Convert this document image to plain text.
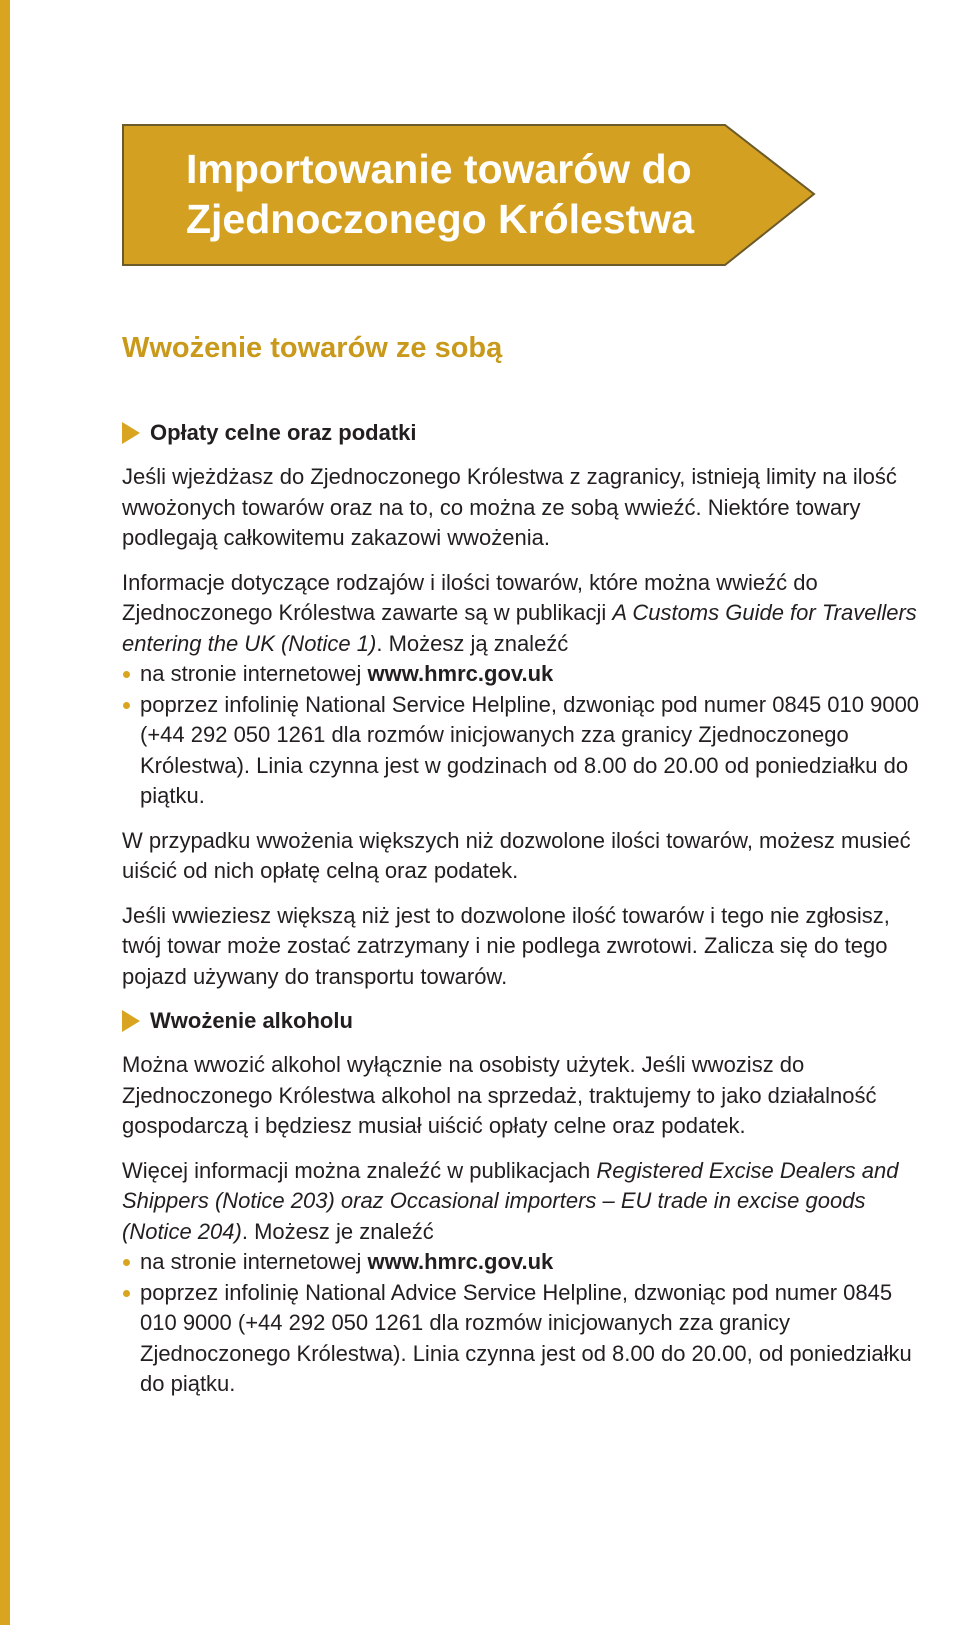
Importowanie towarów do Zjednoczonego Królestwa
Wwożenie towarów ze sobą
Opłaty celne oraz podatki

Jeśli wjeżdżasz do Zjednoczonego Królestwa z zagranicy, istnieją limity na ilość wwożonych towarów oraz na to, co można ze sobą wwieźć. Niektóre towary podlegają całkowitemu zakazowi wwożenia.

Informacje dotyczące rodzajów i ilości towarów, które można wwieźć do Zjednoczonego Królestwa zawarte są w publikacji A Customs Guide for Travellers entering the UK (Notice 1). Możesz ją znaleźć

na stronie internetowej www.hmrc.gov.uk
poprzez infolinię National Service Helpline, dzwoniąc pod numer 0845 010 9000 (+44 292 050 1261 dla rozmów inicjowanych zza granicy Zjednoczonego Królestwa). Linia czynna jest w godzinach od 8.00 do 20.00 od poniedziałku do piątku.

W przypadku wwożenia większych niż dozwolone ilości towarów, możesz musieć uiścić od nich opłatę celną oraz podatek.

Jeśli wwieziesz większą niż jest to dozwolone ilość towarów i tego nie zgłosisz, twój towar może zostać zatrzymany i nie podlega zwrotowi. Zalicza się do tego pojazd używany do transportu towarów.

Wwożenie alkoholu

Można wwozić alkohol wyłącznie na osobisty użytek. Jeśli wwozisz do Zjednoczonego Królestwa alkohol na sprzedaż, traktujemy to jako działalność gospodarczą i będziesz musiał uiścić opłaty celne oraz podatek.

Więcej informacji można znaleźć w publikacjach Registered Excise Dealers and Shippers (Notice 203) oraz Occasional importers – EU trade in excise goods (Notice 204). Możesz je znaleźć

na stronie internetowej www.hmrc.gov.uk
poprzez infolinię National Advice Service Helpline, dzwoniąc pod numer 0845 010 9000 (+44 292 050 1261 dla rozmów inicjowanych zza granicy Zjednoczonego Królestwa). Linia czynna jest od 8.00 do 20.00, od poniedziałku do piątku.
